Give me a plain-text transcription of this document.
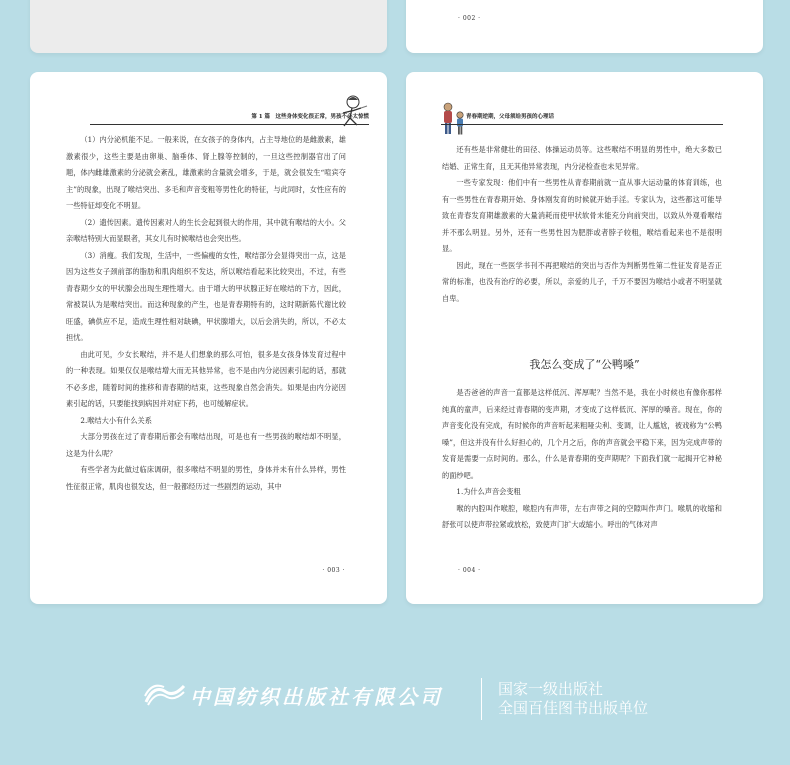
· 002 ·
第 1 篇　这些身体变化很正常，男孩不必太惊慌

（1）内分泌机能不足。一般来说，在女孩子的身体内，占主导地位的是雌激素，雄激素很少，这些主要是由卵巢、脑垂体、肾上腺等控制的，一旦这些控制器官出了问题，体内雌雄激素的分泌就会紊乱，雄激素的含量就会增多，于是，就会很发生“喧宾夺主”的现象，出现了喉结突出、多毛和声音变粗等男性化的特征，与此同时，女性应有的一些特征却变化不明显。

（2）遗传因素。遗传因素对人的生长会起到很大的作用，其中就有喉结的大小。父亲喉结特别大而显眼者，其女儿有时候喉结也会突出些。

（3）消瘦。我们发现，生活中，一些偏瘦的女性，喉结部分会显得突出一点，这是因为这些女子颈前部的脂肪和肌肉组织不发达，所以喉结看起来比较突出，不过，有些青春期少女的甲状腺会出现生理性增大。由于增大的甲状腺正好在喉结的下方，因此，常被误认为是喉结突出。而这种现象的产生，也是青春期特有的，这时期新陈代谢比较旺盛，碘供应不足，造成生理性相对缺碘，甲状腺增大，以后会消失的，所以，不必太担忧。

由此可见，少女长喉结，并不是人们想象的那么可怕，很多是女孩身体发育过程中的一种表现。如果仅仅是喉结增大而无其他异常，也不是由内分泌因素引起的话，那就不必多虑，随着时间的推移和青春期的结束，这些现象自然会消失。如果是由内分泌因素引起的话，只要能找到病因并对症下药，也可缓解症状。

2.喉结大小有什么关系

大部分男孩在过了青春期后都会有喉结出现，可是也有一些男孩的喉结却不明显，这是为什么呢？

有些学者为此做过临床调研，很多喉结不明显的男性，身体并未有什么异样，男性性征很正常，肌肉也很发达，但一般都经历过一些剧烈的运动，其中

· 003 ·
青春期逆期，父母须给男孩的心理话

还有些是非常健壮的田径、体操运动员等。这些喉结不明显的男性中，绝大多数已结婚、正常生育，且无其他异常表现，内分泌检查也未见异常。

一些专家发现：他们中有一些男性从青春期前就一直从事大运动量的体育训练，也有一些男性在青春期开始、身体刚发育的时候就开始手淫。专家认为，这些都这可能导致在青春发育期雄激素的大量消耗而使甲状软骨未能充分向前突出，以致从外观看喉结并不那么明显。另外，还有一些男性因为肥胖或者脖子较粗，喉结看起来也不是很明显。

因此，现在一些医学书刊不再把喉结的突出与否作为判断男性第二性征发育是否正常的标准，也没有治疗的必要，所以，亲爱的儿子，千万不要因为喉结小或者不明显就自卑。

我怎么变成了“公鸭嗓”

是否爸爸的声音一直都是这样低沉、浑厚呢？当然不是，我在小时候也有像你那样纯真的童声，后来经过青春期的变声期，才变成了这样低沉、浑厚的嗓音。现在，你的声音变化没有完成，有时候你的声音听起来粗哑尖利、变调，让人尴尬，被戏称为“公鸭嗓”，但这并没有什么好担心的，几个月之后，你的声音就会平稳下来，因为完成声带的发育是需要一点时间的。那么，什么是青春期的变声期呢？下面我们就一起揭开它神秘的面纱吧。

1.为什么声音会变粗

喉的内腔叫作喉腔，喉腔内有声带，左右声带之间的空隙叫作声门。喉肌的收缩和舒张可以使声带拉紧或放松，致使声门扩大或缩小。呼出的气体对声

· 004 ·
中国纺织出版社有限公司	国家一级出版社
全国百佳图书出版单位
